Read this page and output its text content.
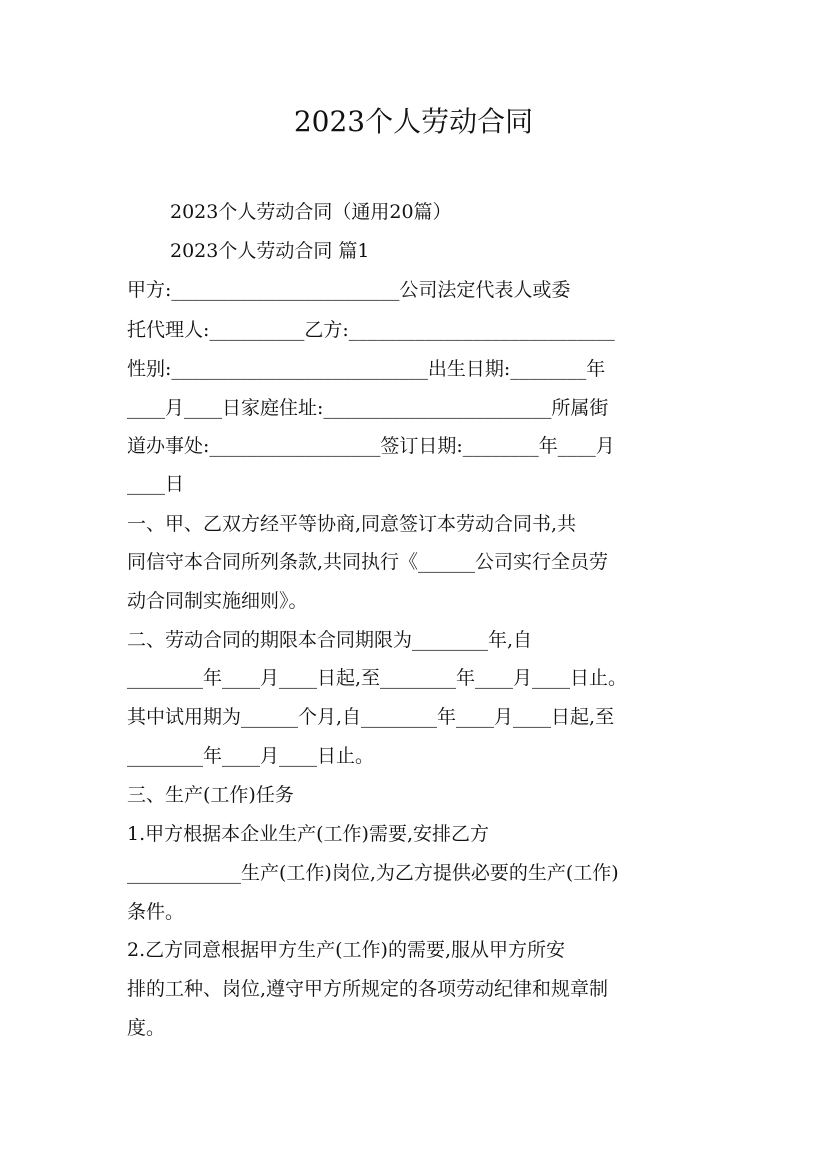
2023个人劳动合同
2023个人劳动合同（通用20篇）
2023个人劳动合同 篇1
甲方:________________________公司法定代表人或委
托代理人:__________乙方:____________________________
性别:___________________________出生日期:________年
____月____日家庭住址:________________________所属街
道办事处:__________________签订日期:________年____月
____日
一、甲、乙双方经平等协商,同意签订本劳动合同书,共
同信守本合同所列条款,共同执行《______公司实行全员劳
动合同制实施细则》。
二、劳动合同的期限本合同期限为________年,自
________年____月____日起,至________年____月____日止。
其中试用期为______个月,自________年____月____日起,至
________年____月____日止。
三、生产(工作)任务
1.甲方根据本企业生产(工作)需要,安排乙方
____________生产(工作)岗位,为乙方提供必要的生产(工作)
条件。
2.乙方同意根据甲方生产(工作)的需要,服从甲方所安
排的工种、岗位,遵守甲方所规定的各项劳动纪律和规章制
度。
